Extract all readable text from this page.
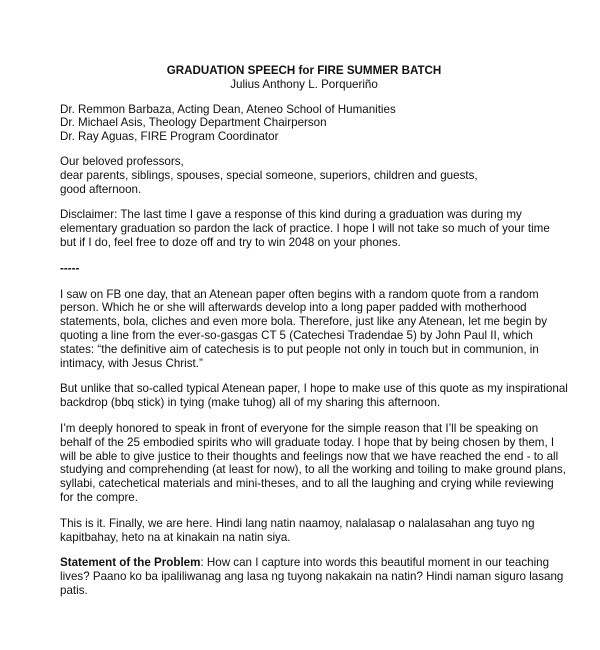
GRADUATION SPEECH for FIRE SUMMER BATCH
Julius Anthony L. Porqueriño
Dr. Remmon Barbaza, Acting Dean, Ateneo School of Humanities
Dr. Michael Asis, Theology Department Chairperson
Dr. Ray Aguas, FIRE Program Coordinator
Our beloved professors,
dear parents, siblings, spouses, special someone, superiors, children and guests,
good afternoon.
Disclaimer: The last time I gave a response of this kind during a graduation was during my
elementary graduation so pardon the lack of practice. I hope I will not take so much of your time
but if I do, feel free to doze off and try to win 2048 on your phones.
-----
I saw on FB one day, that an Atenean paper often begins with a random quote from a random
person. Which he or she will afterwards develop into a long paper padded with motherhood
statements, bola, cliches and even more bola. Therefore, just like any Atenean, let me begin by
quoting a line from the ever-so-gasgas CT 5 (Catechesi Tradendae 5) by John Paul II, which
states: “the definitive aim of catechesis is to put people not only in touch but in communion, in
intimacy, with Jesus Christ.”
But unlike that so-called typical Atenean paper, I hope to make use of this quote as my inspirational
backdrop (bbq stick) in tying (make tuhog) all of my sharing this afternoon.
I’m deeply honored to speak in front of everyone for the simple reason that I’ll be speaking on
behalf of the 25 embodied spirits who will graduate today. I hope that by being chosen by them, I
will be able to give justice to their thoughts and feelings now that we have reached the end - to all
studying and comprehending (at least for now), to all the working and toiling to make ground plans,
syllabi, catechetical materials and mini-theses, and to all the laughing and crying while reviewing
for the compre.
This is it. Finally, we are here. Hindi lang natin naamoy, nalalasap o nalalasahan ang tuyo ng
kapitbahay, heto na at kinakain na natin siya.
Statement of the Problem: How can I capture into words this beautiful moment in our teaching
lives? Paano ko ba ipaliliwanag ang lasa ng tuyong nakakain na natin? Hindi naman siguro lasang
patis.
